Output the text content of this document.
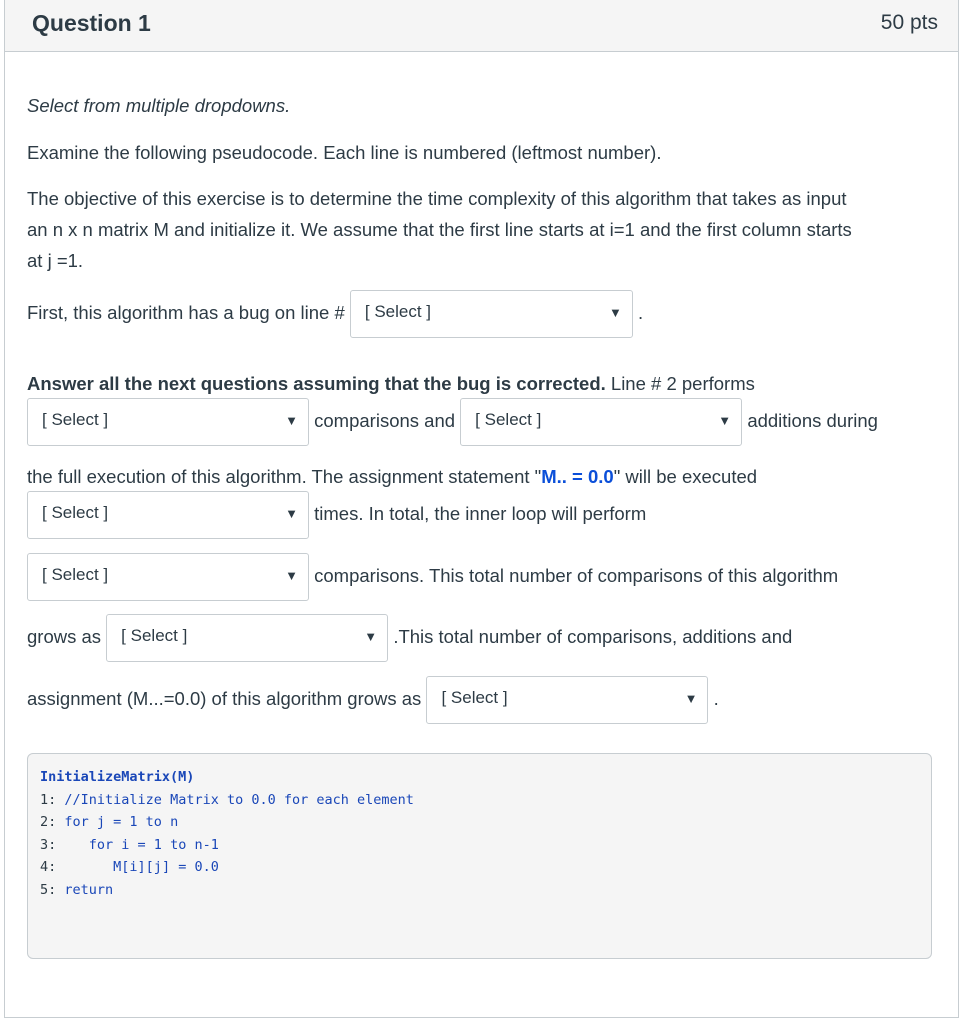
Question 1	50 pts

Select from multiple dropdowns.

Examine the following pseudocode. Each line is numbered (leftmost number).

The objective of this exercise is to determine the time complexity of this algorithm that takes as input

an n x n matrix M and initialize it. We assume that the first line starts at i=1 and the first column starts

at j =1.

First, this algorithm has a bug on line # [ Select ]	▼ .

Answer all the next questions assuming that the bug is corrected. Line # 2 performs

[ Select ]	▼ comparisons and [ Select ]	▼ additions during

the full execution of this algorithm. The assignment statement "M.. = 0.0" will be executed

[ Select ]	▼ times. In total, the inner loop will perform
[ Select ]	▼ comparisons. This total number of comparisons of this algorithm
grows as [ Select ]	▼ .This total number of comparisons, additions and
assignment (M...=0.0) of this algorithm grows as [ Select ]	▼ .
InitializeMatrix(M)
1: //Initialize Matrix to 0.0 for each element
2: for j = 1 to n
3:    for i = 1 to n-1
4:       M[i][j] = 0.0
5: return
